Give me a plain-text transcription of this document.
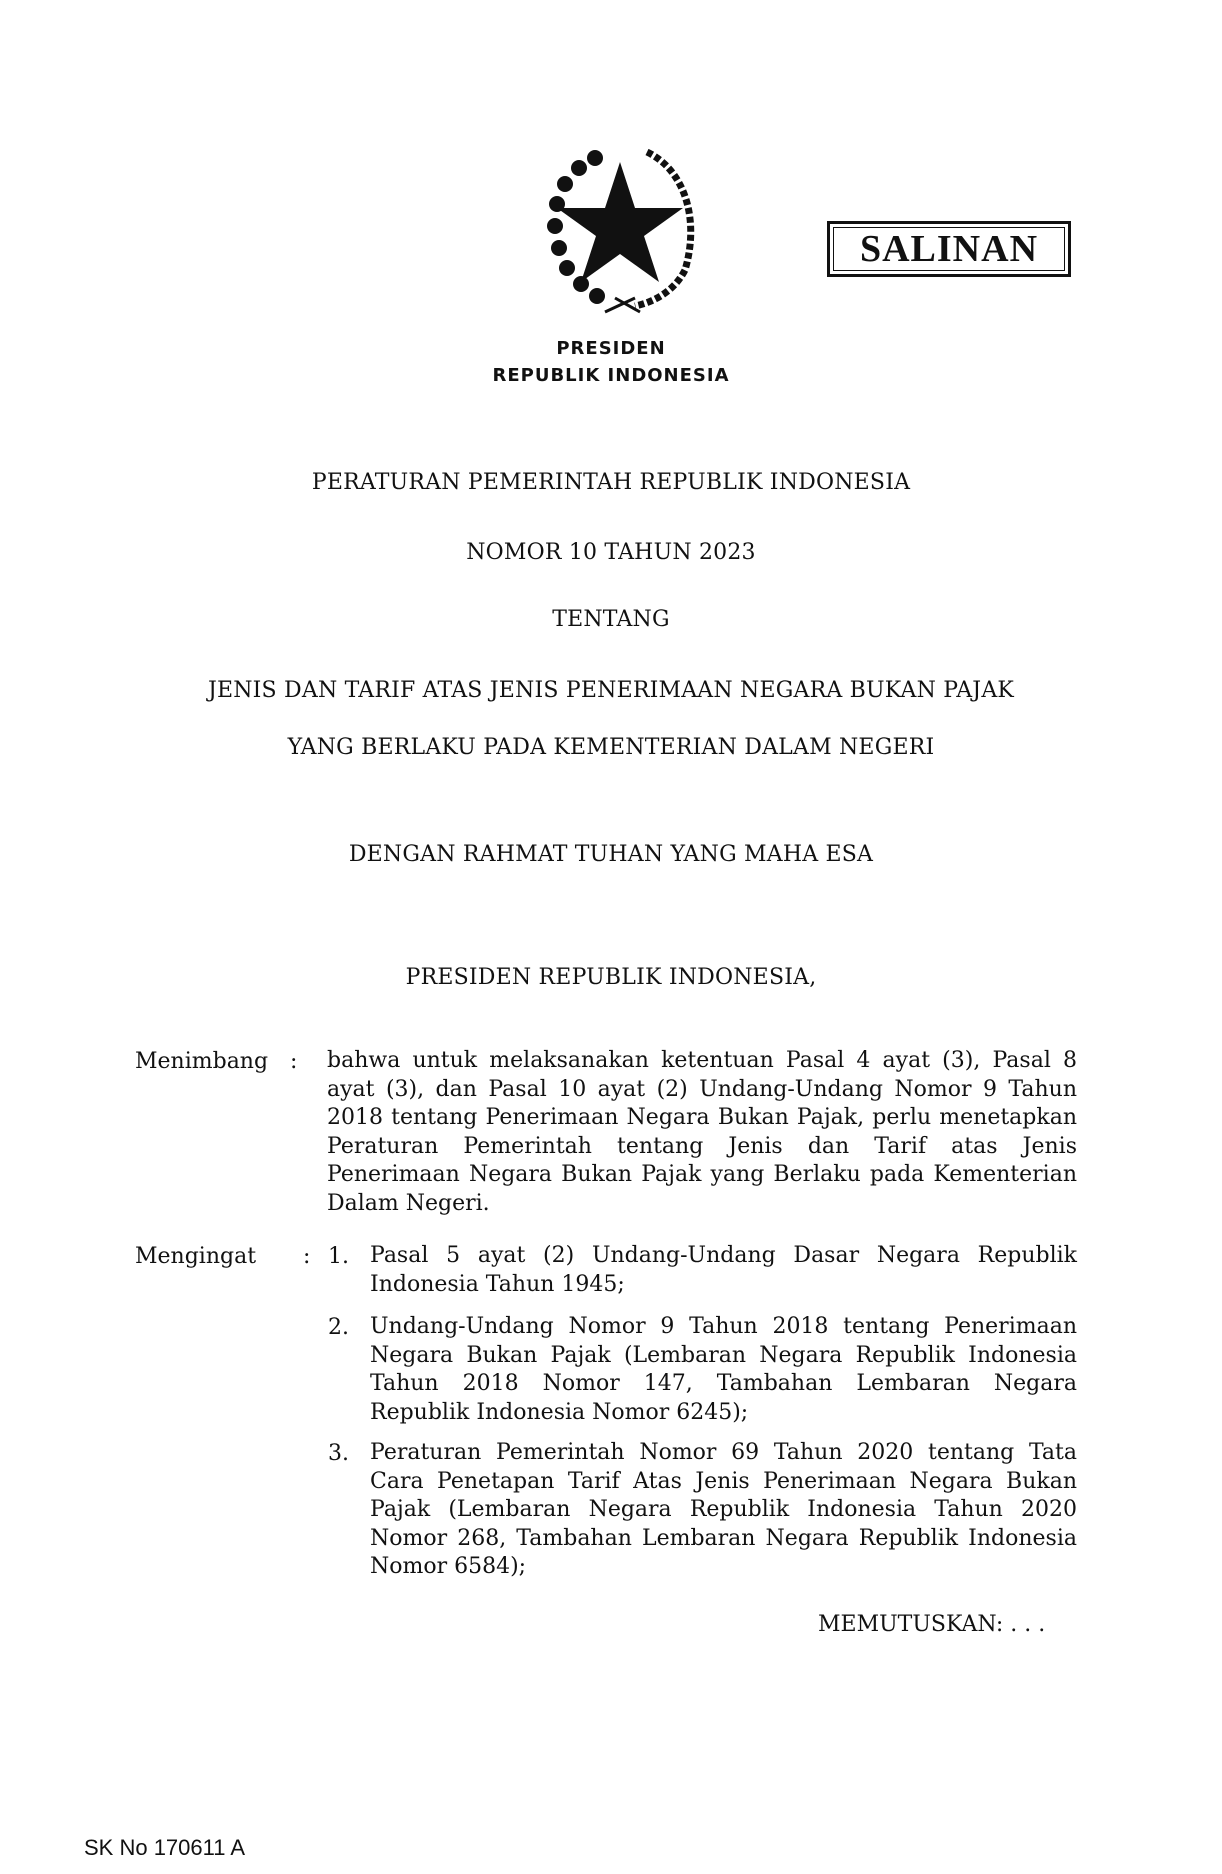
SALINAN
PRESIDEN
REPUBLIK INDONESIA
PERATURAN PEMERINTAH REPUBLIK INDONESIA
NOMOR 10 TAHUN 2023
TENTANG
JENIS DAN TARIF ATAS JENIS PENERIMAAN NEGARA BUKAN PAJAK
YANG BERLAKU PADA KEMENTERIAN DALAM NEGERI
DENGAN RAHMAT TUHAN YANG MAHA ESA
PRESIDEN REPUBLIK INDONESIA,
Menimbang : bahwa untuk melaksanakan ketentuan Pasal 4 ayat (3), Pasal 8 ayat (3), dan Pasal 10 ayat (2) Undang-Undang Nomor 9 Tahun 2018 tentang Penerimaan Negara Bukan Pajak, perlu menetapkan Peraturan Pemerintah tentang Jenis dan Tarif atas Jenis Penerimaan Negara Bukan Pajak yang Berlaku pada Kementerian Dalam Negeri.
Mengingat : 1. Pasal 5 ayat (2) Undang-Undang Dasar Negara Republik Indonesia Tahun 1945;
2. Undang-Undang Nomor 9 Tahun 2018 tentang Penerimaan Negara Bukan Pajak (Lembaran Negara Republik Indonesia Tahun 2018 Nomor 147, Tambahan Lembaran Negara Republik Indonesia Nomor 6245);
3. Peraturan Pemerintah Nomor 69 Tahun 2020 tentang Tata Cara Penetapan Tarif Atas Jenis Penerimaan Negara Bukan Pajak (Lembaran Negara Republik Indonesia Tahun 2020 Nomor 268, Tambahan Lembaran Negara Republik Indonesia Nomor 6584);
MEMUTUSKAN: . . .
SK No 170611 A
